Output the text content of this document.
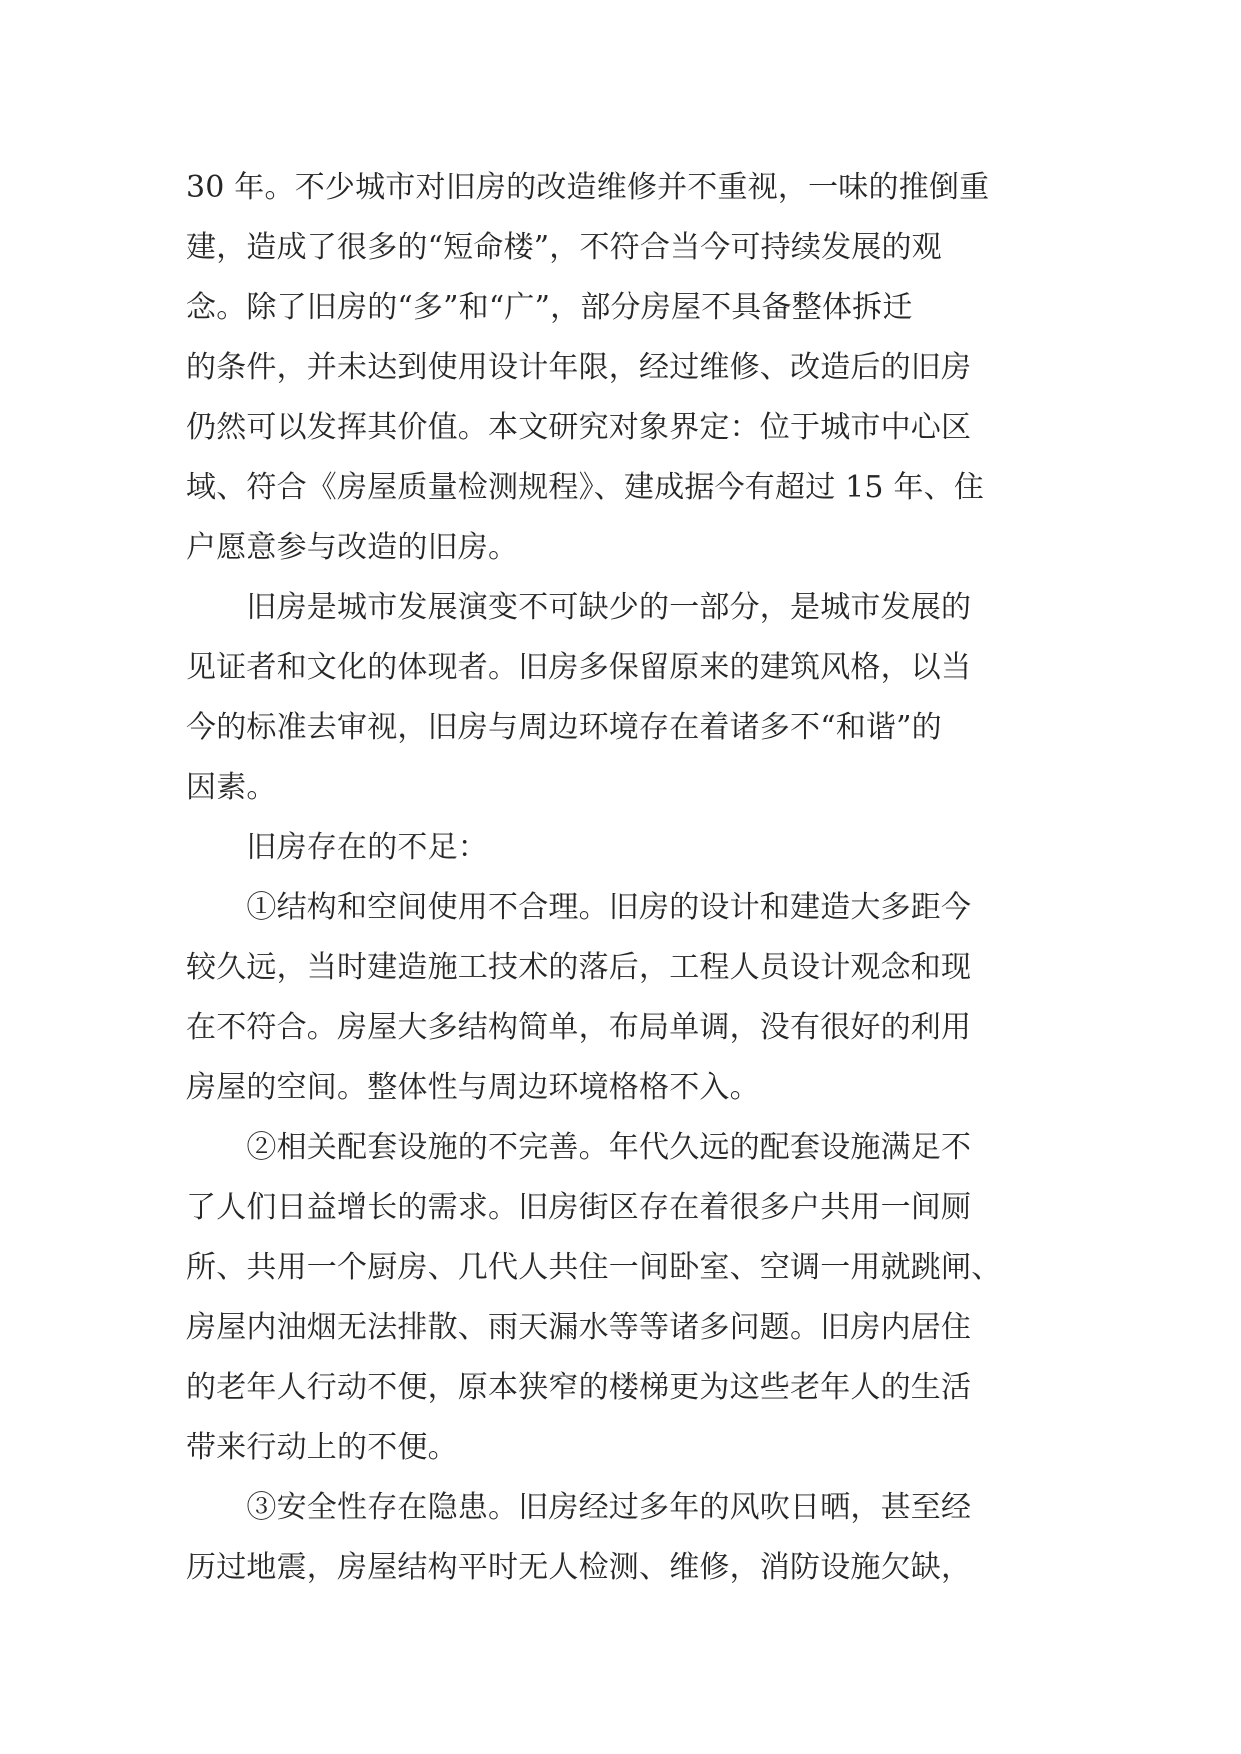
30 年。不少城市对旧房的改造维修并不重视，一味的推倒重
建，造成了很多的“短命楼”，不符合当今可持续发展的观
念。除了旧房的“多”和“广”，部分房屋不具备整体拆迁
的条件，并未达到使用设计年限，经过维修、改造后的旧房
仍然可以发挥其价值。本文研究对象界定：位于城市中心区
域、符合《房屋质量检测规程》、建成据今有超过 15 年、住
户愿意参与改造的旧房。
　　旧房是城市发展演变不可缺少的一部分，是城市发展的
见证者和文化的体现者。旧房多保留原来的建筑风格，以当
今的标准去审视，旧房与周边环境存在着诸多不“和谐”的
因素。
　　旧房存在的不足：
　　①结构和空间使用不合理。旧房的设计和建造大多距今
较久远，当时建造施工技术的落后，工程人员设计观念和现
在不符合。房屋大多结构简单，布局单调，没有很好的利用
房屋的空间。整体性与周边环境格格不入。
　　②相关配套设施的不完善。年代久远的配套设施满足不
了人们日益增长的需求。旧房街区存在着很多户共用一间厕
所、共用一个厨房、几代人共住一间卧室、空调一用就跳闸、
房屋内油烟无法排散、雨天漏水等等诸多问题。旧房内居住
的老年人行动不便，原本狭窄的楼梯更为这些老年人的生活
带来行动上的不便。
　　③安全性存在隐患。旧房经过多年的风吹日晒，甚至经
历过地震，房屋结构平时无人检测、维修，消防设施欠缺，
